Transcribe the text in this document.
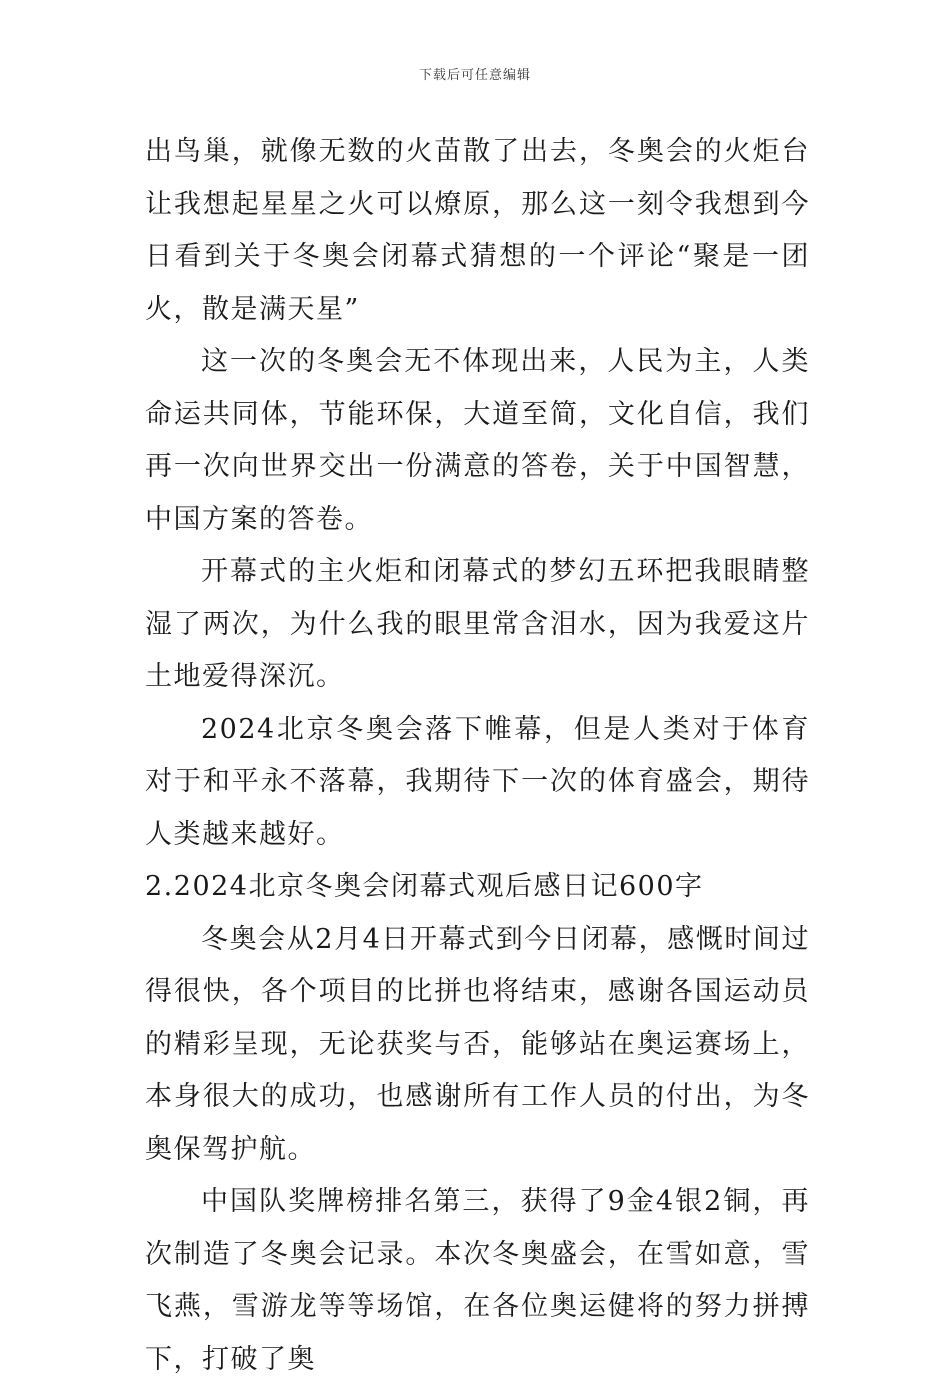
下载后可任意编辑

出鸟巢，就像无数的火苗散了出去，冬奥会的火炬台让我想起星星之火可以燎原，那么这一刻令我想到今日看到关于冬奥会闭幕式猜想的一个评论“聚是一团火，散是满天星”

这一次的冬奥会无不体现出来，人民为主，人类命运共同体，节能环保，大道至简，文化自信，我们再一次向世界交出一份满意的答卷，关于中国智慧，中国方案的答卷。

开幕式的主火炬和闭幕式的梦幻五环把我眼睛整湿了两次，为什么我的眼里常含泪水，因为我爱这片土地爱得深沉。

2024北京冬奥会落下帷幕，但是人类对于体育对于和平永不落幕，我期待下一次的体育盛会，期待人类越来越好。

2.2024北京冬奥会闭幕式观后感日记600字

冬奥会从2月4日开幕式到今日闭幕，感慨时间过得很快，各个项目的比拼也将结束，感谢各国运动员的精彩呈现，无论获奖与否，能够站在奥运赛场上，本身很大的成功，也感谢所有工作人员的付出，为冬奥保驾护航。

中国队奖牌榜排名第三，获得了9金4银2铜，再次制造了冬奥会记录。本次冬奥盛会，在雪如意，雪飞燕，雪游龙等等场馆，在各位奥运健将的努力拼搏下，打破了奥
